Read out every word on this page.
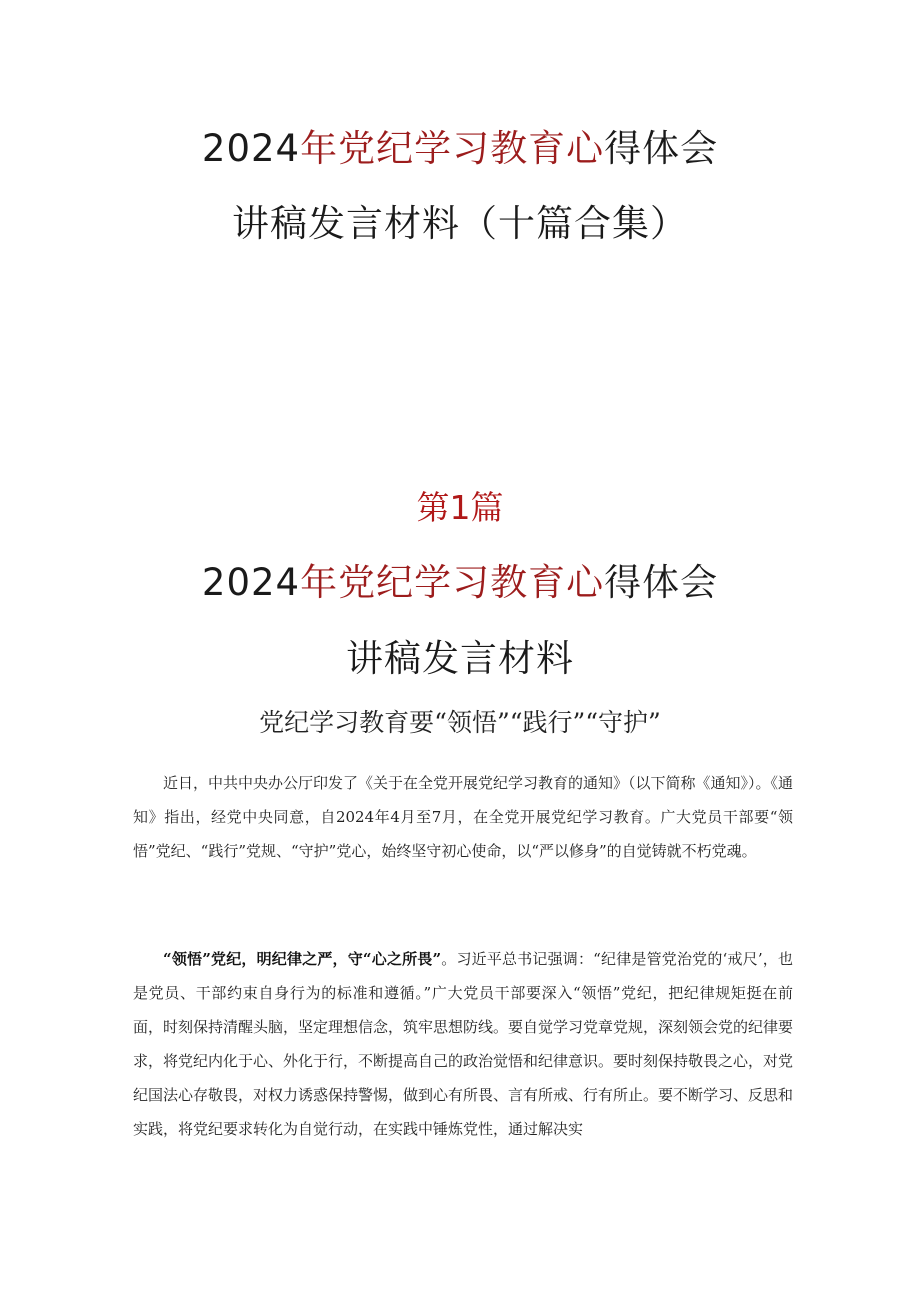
2024年党纪学习教育心得体会
讲稿发言材料（十篇合集）
第1篇
2024年党纪学习教育心得体会
讲稿发言材料
党纪学习教育要“领悟”“践行”“守护”

近日，中共中央办公厅印发了《关于在全党开展党纪学习教育的通知》（以下简称《通知》）。《通知》指出，经党中央同意，自2024年4月至7月，在全党开展党纪学习教育。广大党员干部要“领悟”党纪、“践行”党规、“守护”党心，始终坚守初心使命，以“严以修身”的自觉铸就不朽党魂。

“领悟”党纪，明纪律之严，守“心之所畏”。习近平总书记强调：“纪律是管党治党的‘戒尺’，也是党员、干部约束自身行为的标准和遵循。”广大党员干部要深入“领悟”党纪，把纪律规矩挺在前面，时刻保持清醒头脑，坚定理想信念，筑牢思想防线。要自觉学习党章党规，深刻领会党的纪律要求，将党纪内化于心、外化于行，不断提高自己的政治觉悟和纪律意识。要时刻保持敬畏之心，对党纪国法心存敬畏，对权力诱惑保持警惕，做到心有所畏、言有所戒、行有所止。要不断学习、反思和实践，将党纪要求转化为自觉行动，在实践中锤炼党性，通过解决实
